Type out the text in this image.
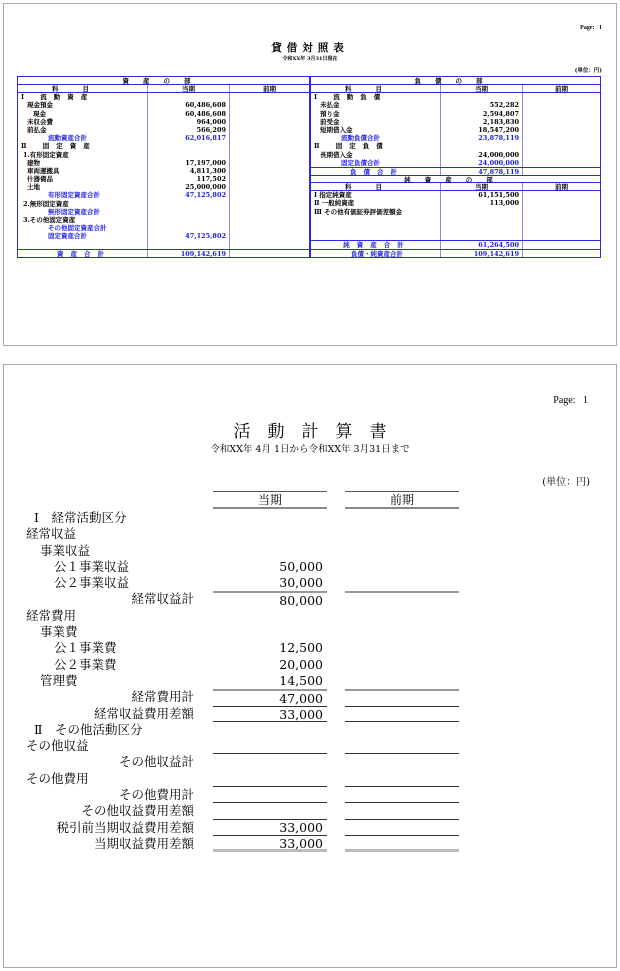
Page: 1
貸借対照表
令和XX年 3月31日現在
(単位：円)
資産の部
科目	当期	前期
Ⅰ 流動資産
現金預金	60,486,608
現金	60,486,608
未収会費	964,000
前払金	566,209
流動資産合計	62,016,817
Ⅱ 固定資産
1.有形固定資産
建物	17,197,000
車両運搬具	4,811,300
什器備品	117,502
土地	25,000,000
有形固定資産合計	47,125,802
2.無形固定資産
無形固定資産合計
3.その他固定資産
その他固定資産合計
固定資産合計	47,125,802
資産合計	109,142,619
負債の部
科目	当期	前期
Ⅰ 流動負債
未払金	552,282
預り金	2,594,807
前受金	2,183,830
短期借入金	18,547,200
流動負債合計	23,878,119
Ⅱ 固定負債
長期借入金	24,000,000
固定負債合計	24,000,000
負債合計	47,878,119
純資産の部
科目	当期	前期
Ⅰ 指定純資産	61,151,500
Ⅱ 一般純資産	113,000
Ⅲ その他有価証券評価差額金
純資産合計	61,264,500
負債・純資産合計	109,142,619
Page: 1
活動計算書
令和XX年 4月 1日から令和XX年 3月31日まで
(単位：円)
当期	前期
Ⅰ　経常活動区分
経常収益
事業収益
公１事業収益	50,000
公２事業収益	30,000
経常収益計	80,000
経常費用
事業費
公１事業費	12,500
公２事業費	20,000
管理費	14,500
経常費用計	47,000
経常収益費用差額	33,000
Ⅱ　その他活動区分
その他収益
その他収益計
その他費用
その他費用計
その他収益費用差額
税引前当期収益費用差額	33,000
当期収益費用差額	33,000
